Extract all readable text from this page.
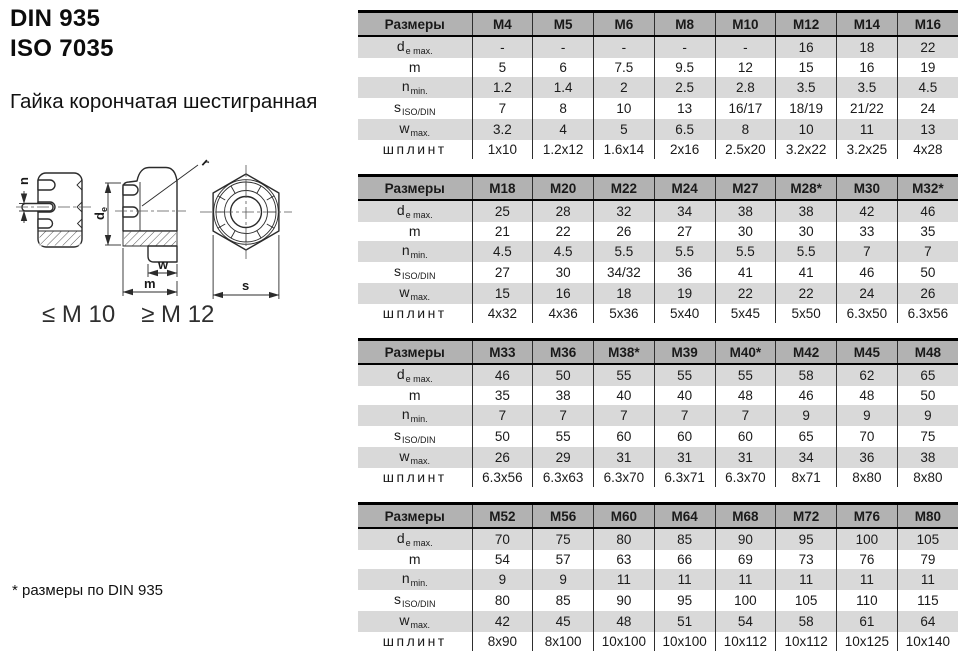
DIN 935
ISO 7035
Гайка корончатая шестигранная
n
$d_e$
r
w
m	s
≤ M 10 ≥ M 12
* размеры по DIN 935
Размеры	M4	M5	M6	M8	M10	M12	M14	M16
$d_{e max.}$	-	-	-	-	-	16	18	22
m	5	6	7.5	9.5	12	15	16	19
$n_{min.}$	1.2	1.4	2	2.5	2.8	3.5	3.5	4.5
$s_{ISO/DIN}$	7	8	10	13	16/17	18/19	21/22	24
$w_{max.}$	3.2	4	5	6.5	8	10	11	13
шплинт	1x10	1.2x12	1.6x14	2x16	2.5x20	3.2x22	3.2x25	4x28
Размеры	M18	M20	M22	M24	M27	M28*	M30	M32*
$d_{e max.}$	25	28	32	34	38	38	42	46
m	21	22	26	27	30	30	33	35
$n_{min.}$	4.5	4.5	5.5	5.5	5.5	5.5	7	7
$s_{ISO/DIN}$	27	30	34/32	36	41	41	46	50
$w_{max.}$	15	16	18	19	22	22	24	26
шплинт	4x32	4x36	5x36	5x40	5x45	5x50	6.3x50	6.3x56
Размеры	M33	M36	M38*	M39	M40*	M42	M45	M48
$d_{e max.}$	46	50	55	55	55	58	62	65
m	35	38	40	40	48	46	48	50
$n_{min.}$	7	7	7	7	7	9	9	9
$s_{ISO/DIN}$	50	55	60	60	60	65	70	75
$w_{max.}$	26	29	31	31	31	34	36	38
шплинт	6.3x56	6.3x63	6.3x70	6.3x71	6.3x70	8x71	8x80	8x80
Размеры	M52	M56	M60	M64	M68	M72	M76	M80
$d_{e max.}$	70	75	80	85	90	95	100	105
m	54	57	63	66	69	73	76	79
$n_{min.}$	9	9	11	11	11	11	11	11
$s_{ISO/DIN}$	80	85	90	95	100	105	110	115
$w_{max.}$	42	45	48	51	54	58	61	64
шплинт	8x90	8x100	10x100	10x100	10x112	10x112	10x125	10x140
